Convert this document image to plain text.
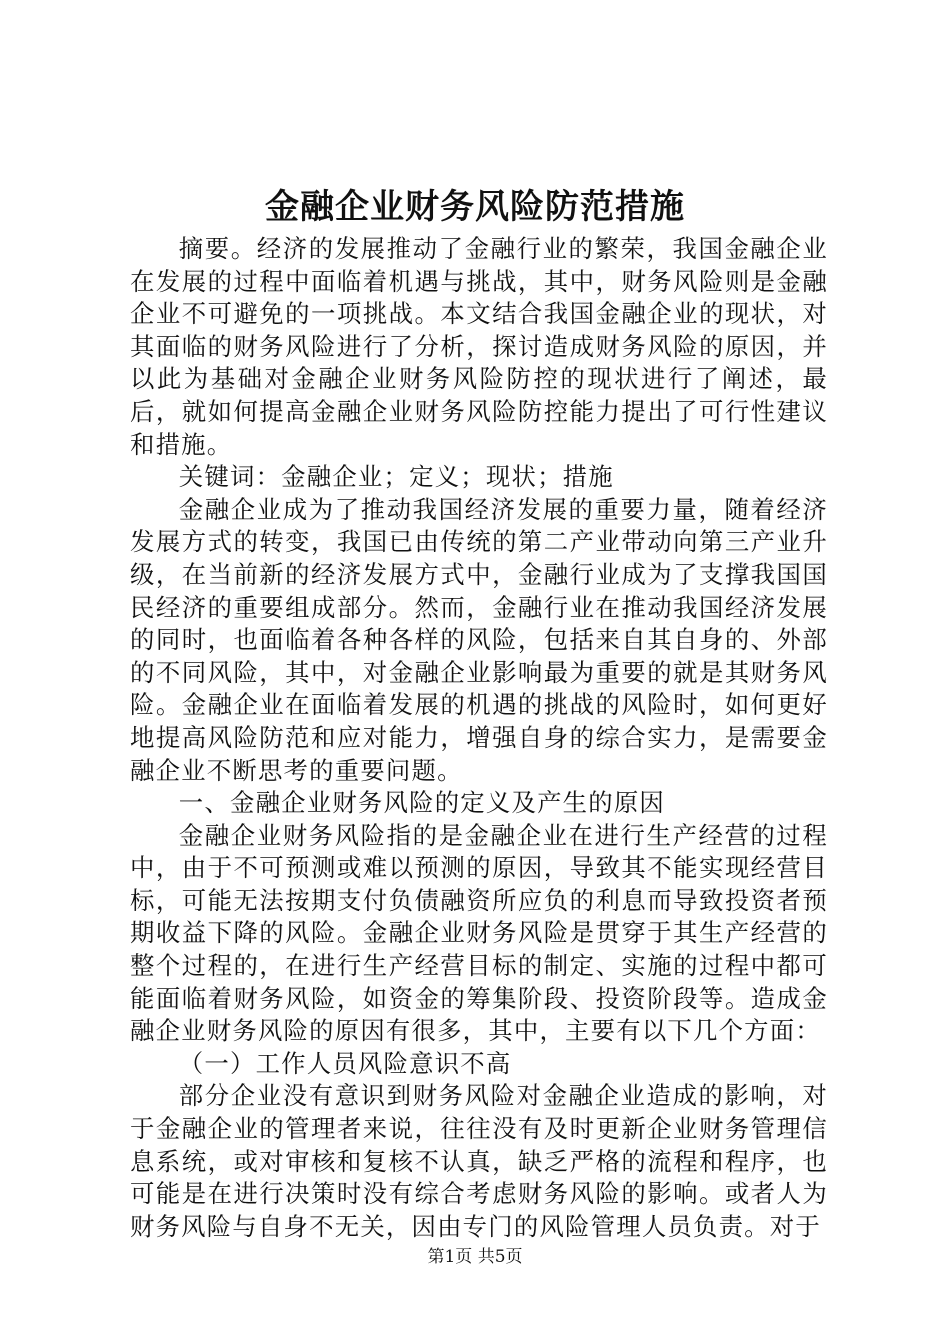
金融企业财务风险防范措施

摘要。经济的发展推动了金融行业的繁荣，我国金融企业在发展的过程中面临着机遇与挑战，其中，财务风险则是金融企业不可避免的一项挑战。本文结合我国金融企业的现状，对其面临的财务风险进行了分析，探讨造成财务风险的原因，并以此为基础对金融企业财务风险防控的现状进行了阐述，最后，就如何提高金融企业财务风险防控能力提出了可行性建议和措施。

关键词：金融企业；定义；现状；措施

金融企业成为了推动我国经济发展的重要力量，随着经济发展方式的转变，我国已由传统的第二产业带动向第三产业升级，在当前新的经济发展方式中，金融行业成为了支撑我国国民经济的重要组成部分。然而，金融行业在推动我国经济发展的同时，也面临着各种各样的风险，包括来自其自身的、外部的不同风险，其中，对金融企业影响最为重要的就是其财务风险。金融企业在面临着发展的机遇的挑战的风险时，如何更好地提高风险防范和应对能力，增强自身的综合实力，是需要金融企业不断思考的重要问题。

一、金融企业财务风险的定义及产生的原因

金融企业财务风险指的是金融企业在进行生产经营的过程中，由于不可预测或难以预测的原因，导致其不能实现经营目标，可能无法按期支付负债融资所应负的利息而导致投资者预期收益下降的风险。金融企业财务风险是贯穿于其生产经营的整个过程的，在进行生产经营目标的制定、实施的过程中都可能面临着财务风险，如资金的筹集阶段、投资阶段等。造成金融企业财务风险的原因有很多，其中，主要有以下几个方面：

（一）工作人员风险意识不高

部分企业没有意识到财务风险对金融企业造成的影响，对于金融企业的管理者来说，往往没有及时更新企业财务管理信息系统，或对审核和复核不认真，缺乏严格的流程和程序，也可能是在进行决策时没有综合考虑财务风险的影响。或者人为财务风险与自身不无关，因由专门的风险管理人员负责。对于

第1页 共5页
